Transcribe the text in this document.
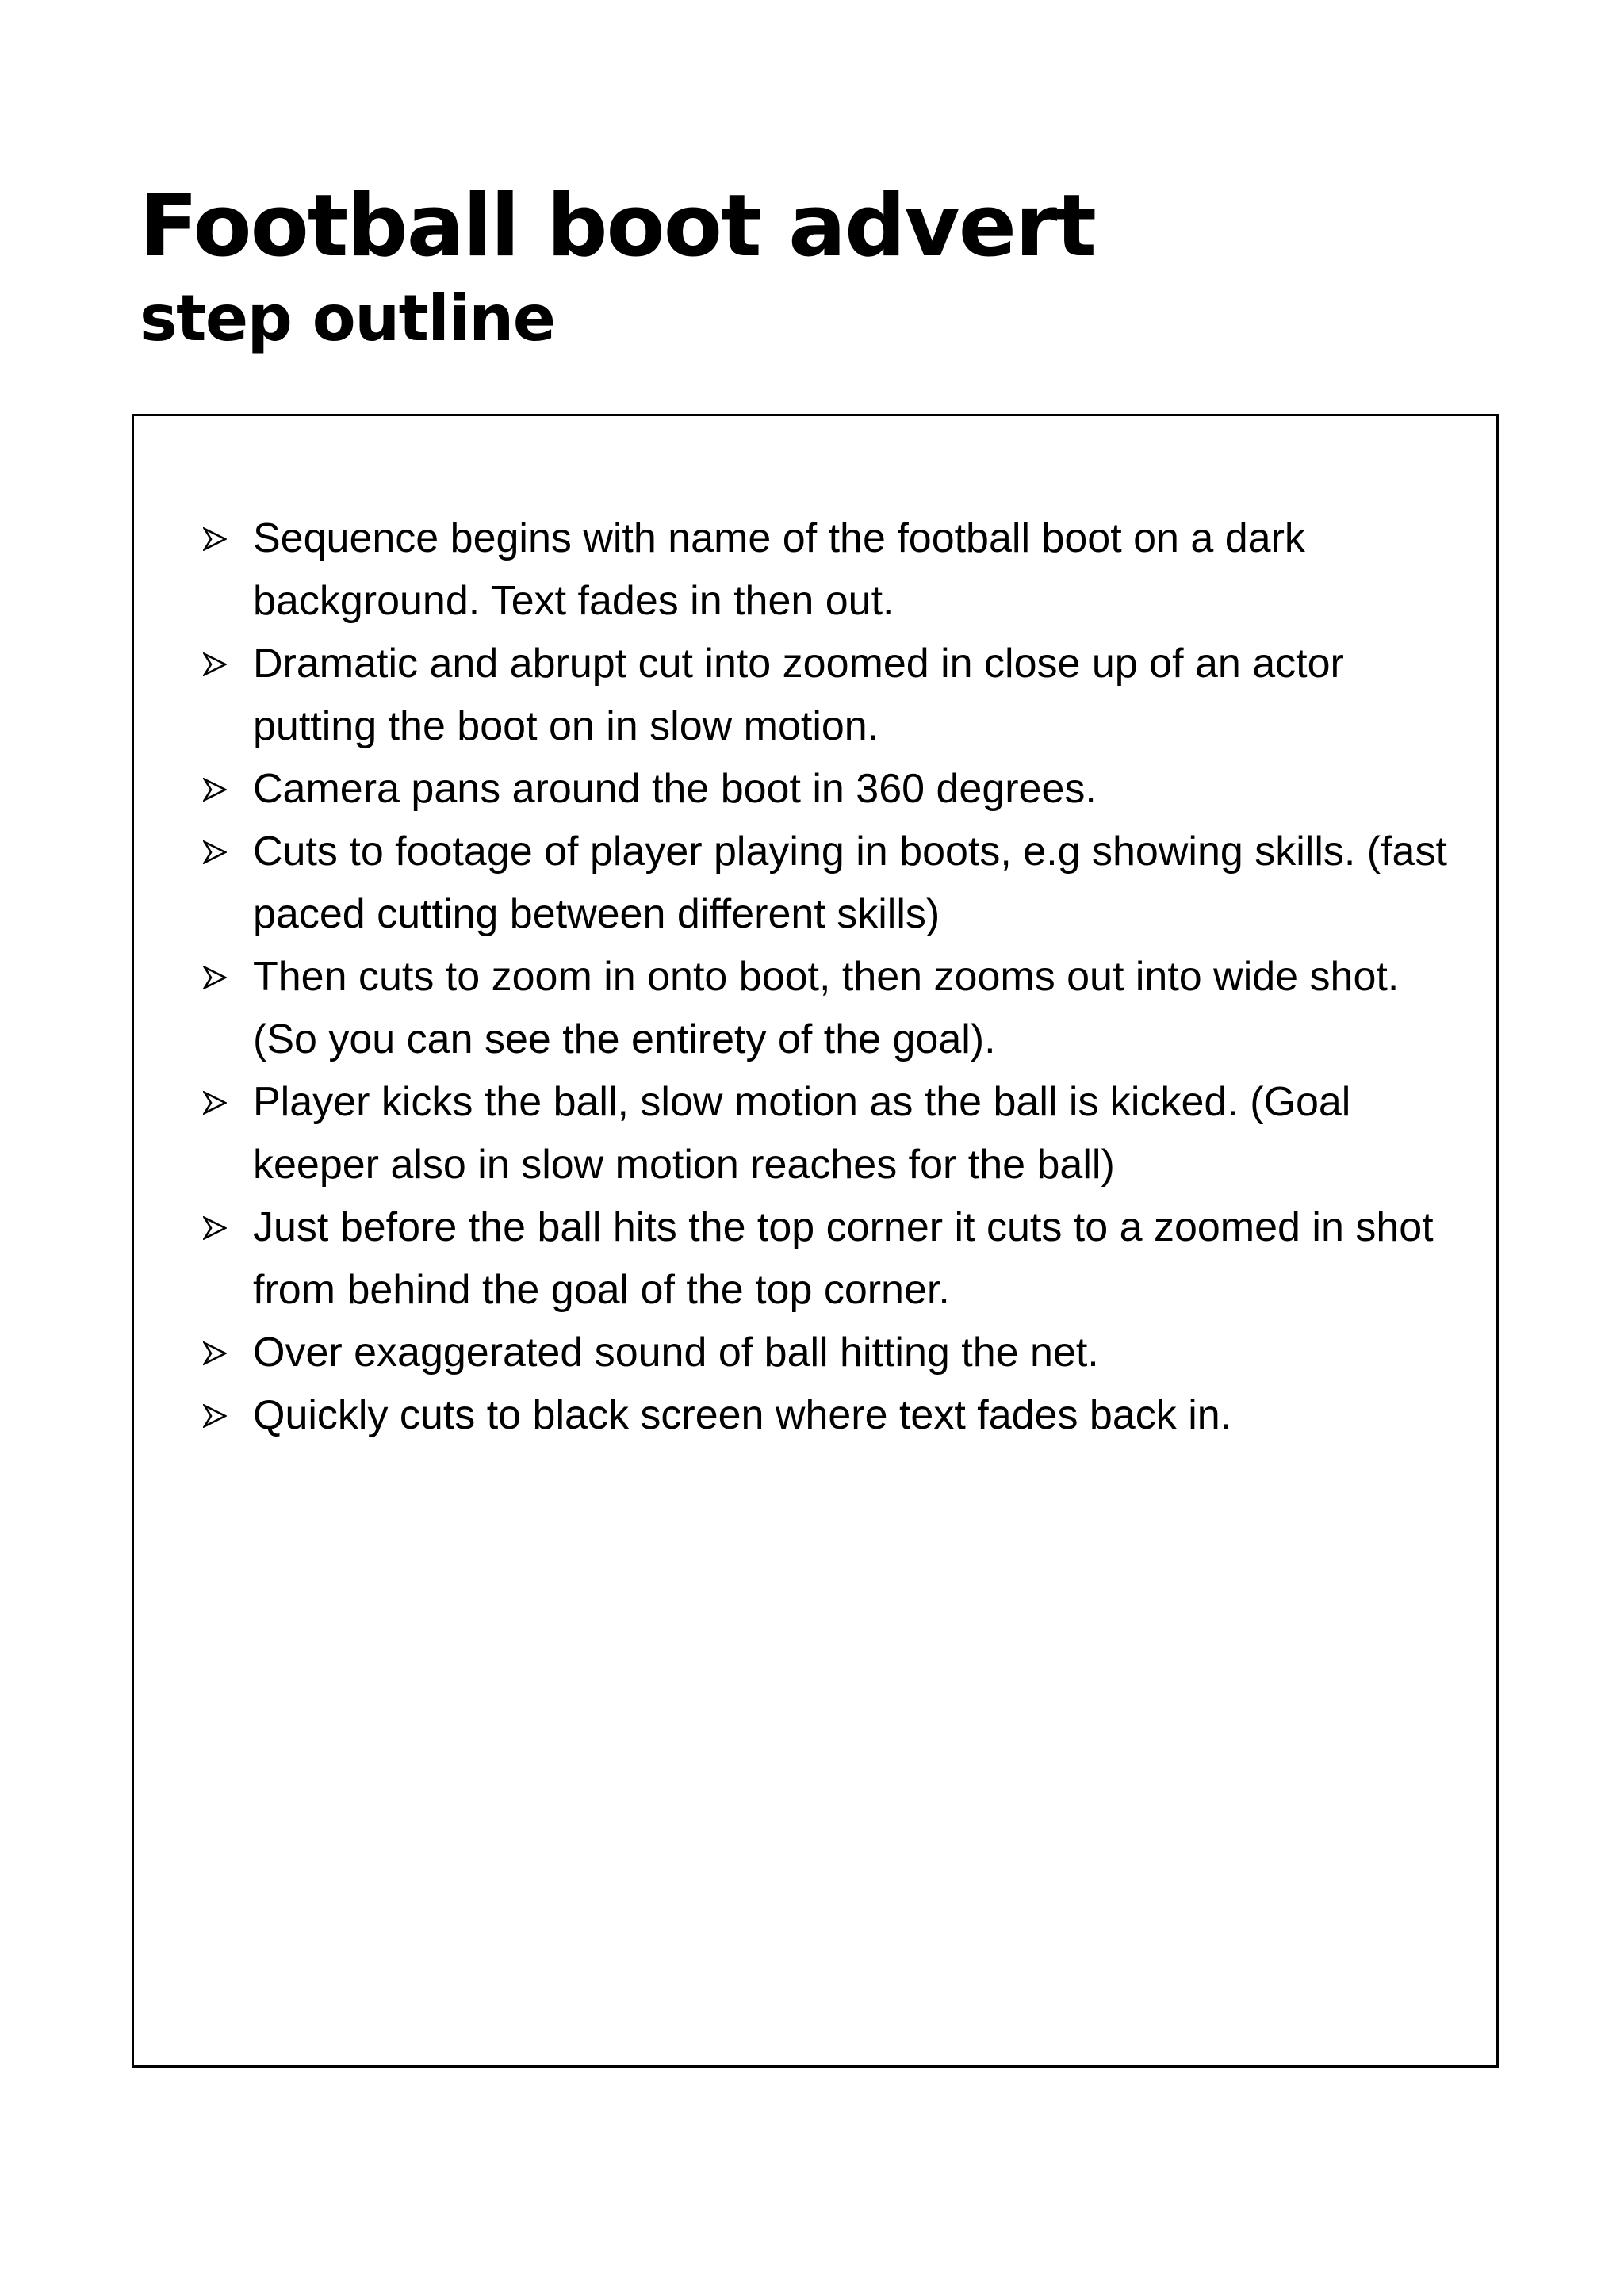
Football boot advert
step outline
Sequence begins with name of the football boot on a dark background. Text fades in then out.
Dramatic and abrupt cut into zoomed in close up of an actor putting the boot on in slow motion.
Camera pans around the boot in 360 degrees.
Cuts to footage of player playing in boots, e.g showing skills. (fast paced cutting between different skills)
Then cuts to zoom in onto boot, then zooms out into wide shot. (So you can see the entirety of the goal).
Player kicks the ball, slow motion as the ball is kicked. (Goal keeper also in slow motion reaches for the ball)
Just before the ball hits the top corner it cuts to a zoomed in shot from behind the goal of the top corner.
Over exaggerated sound of ball hitting the net.
Quickly cuts to black screen where text fades back in.
